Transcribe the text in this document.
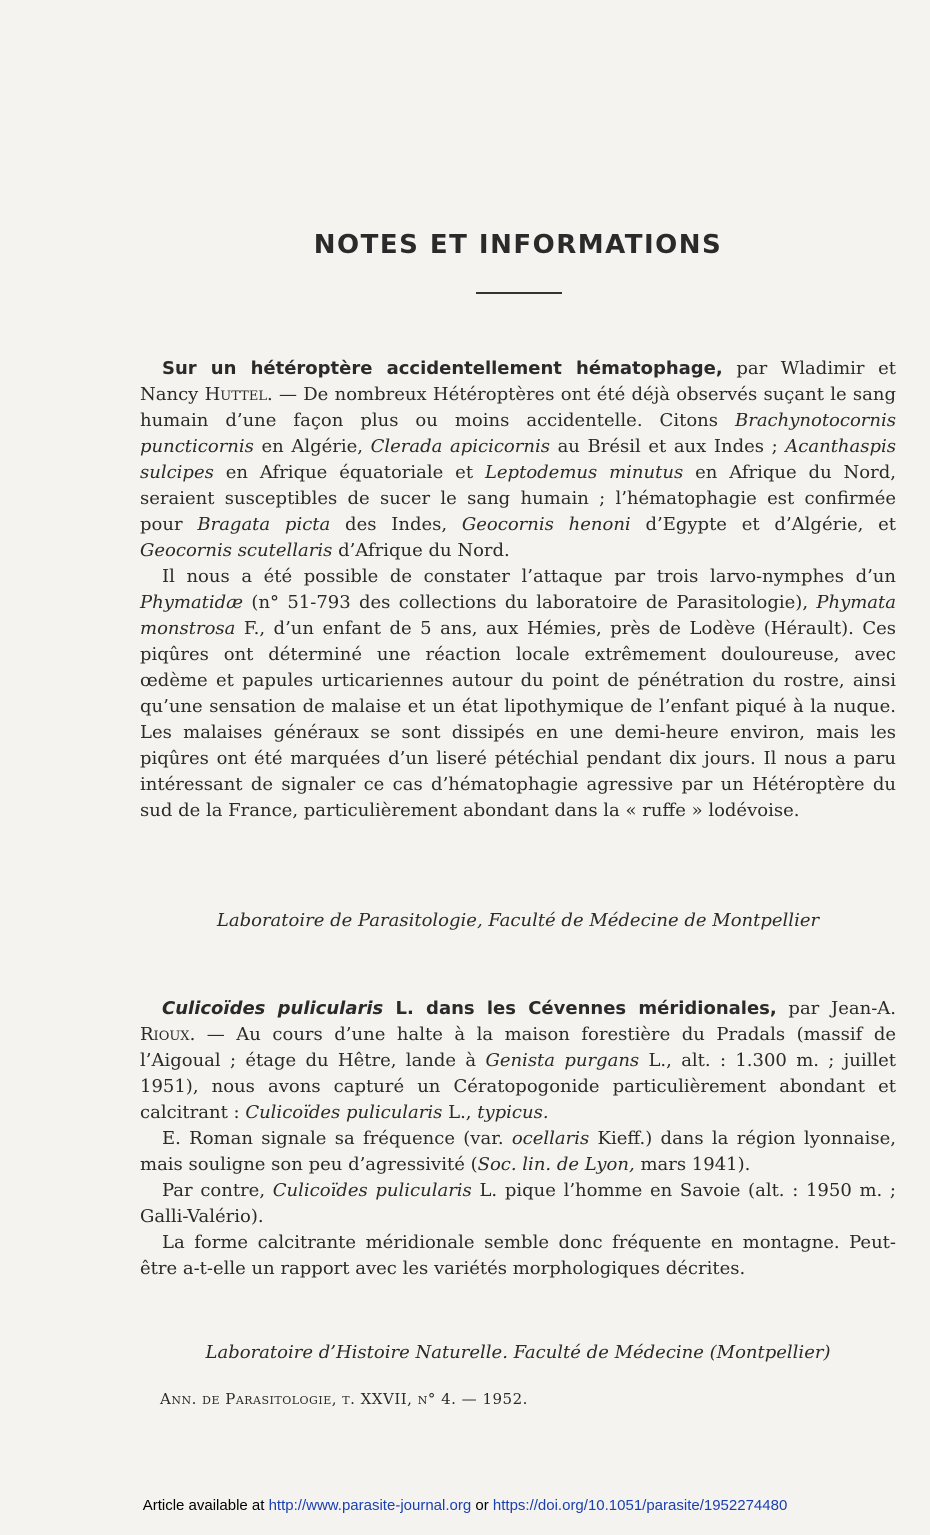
NOTES ET INFORMATIONS

Sur un hétéroptère accidentellement hématophage, par Wladimir et Nancy Huttel. — De nombreux Hétéroptères ont été déjà observés suçant le sang humain d’une façon plus ou moins accidentelle. Citons Brachynotocornis puncticornis en Algérie, Clerada apicicornis au Brésil et aux Indes ; Acanthaspis sulcipes en Afrique équatoriale et Leptodemus minutus en Afrique du Nord, seraient susceptibles de sucer le sang humain ; l’hématophagie est confirmée pour Bragata picta des Indes, Geocornis henoni d’Egypte et d’Algérie, et Geocornis scutellaris d’Afrique du Nord.

Il nous a été possible de constater l’attaque par trois larvo-nymphes d’un Phymatidæ (n° 51-793 des collections du laboratoire de Parasitologie), Phymata monstrosa F., d’un enfant de 5 ans, aux Hémies, près de Lodève (Hérault). Ces piqûres ont déterminé une réaction locale extrêmement douloureuse, avec œdème et papules urticariennes autour du point de pénétration du rostre, ainsi qu’une sensation de malaise et un état lipothymique de l’enfant piqué à la nuque. Les malaises généraux se sont dissipés en une demi-heure environ, mais les piqûres ont été marquées d’un liseré pétéchial pendant dix jours. Il nous a paru intéressant de signaler ce cas d’hématophagie agressive par un Hétéroptère du sud de la France, particulièrement abondant dans la « ruffe » lodévoise.

Laboratoire de Parasitologie, Faculté de Médecine de Montpellier

Culicoïdes pulicularis L. dans les Cévennes méridionales, par Jean-A. Rioux. — Au cours d’une halte à la maison forestière du Pradals (massif de l’Aigoual ; étage du Hêtre, lande à Genista purgans L., alt. : 1.300 m. ; juillet 1951), nous avons capturé un Cératopogonide particulièrement abondant et calcitrant : Culicoïdes pulicularis L., typicus.

E. Roman signale sa fréquence (var. ocellaris Kieff.) dans la région lyonnaise, mais souligne son peu d’agressivité (Soc. lin. de Lyon, mars 1941).

Par contre, Culicoïdes pulicularis L. pique l’homme en Savoie (alt. : 1950 m. ; Galli-Valério).

La forme calcitrante méridionale semble donc fréquente en montagne. Peut-être a-t-elle un rapport avec les variétés morphologiques décrites.

Laboratoire d’Histoire Naturelle. Faculté de Médecine (Montpellier)
Ann. de Parasitologie, t. XXVII, n° 4. — 1952.
Article available at http://www.parasite-journal.org or https://doi.org/10.1051/parasite/1952274480
